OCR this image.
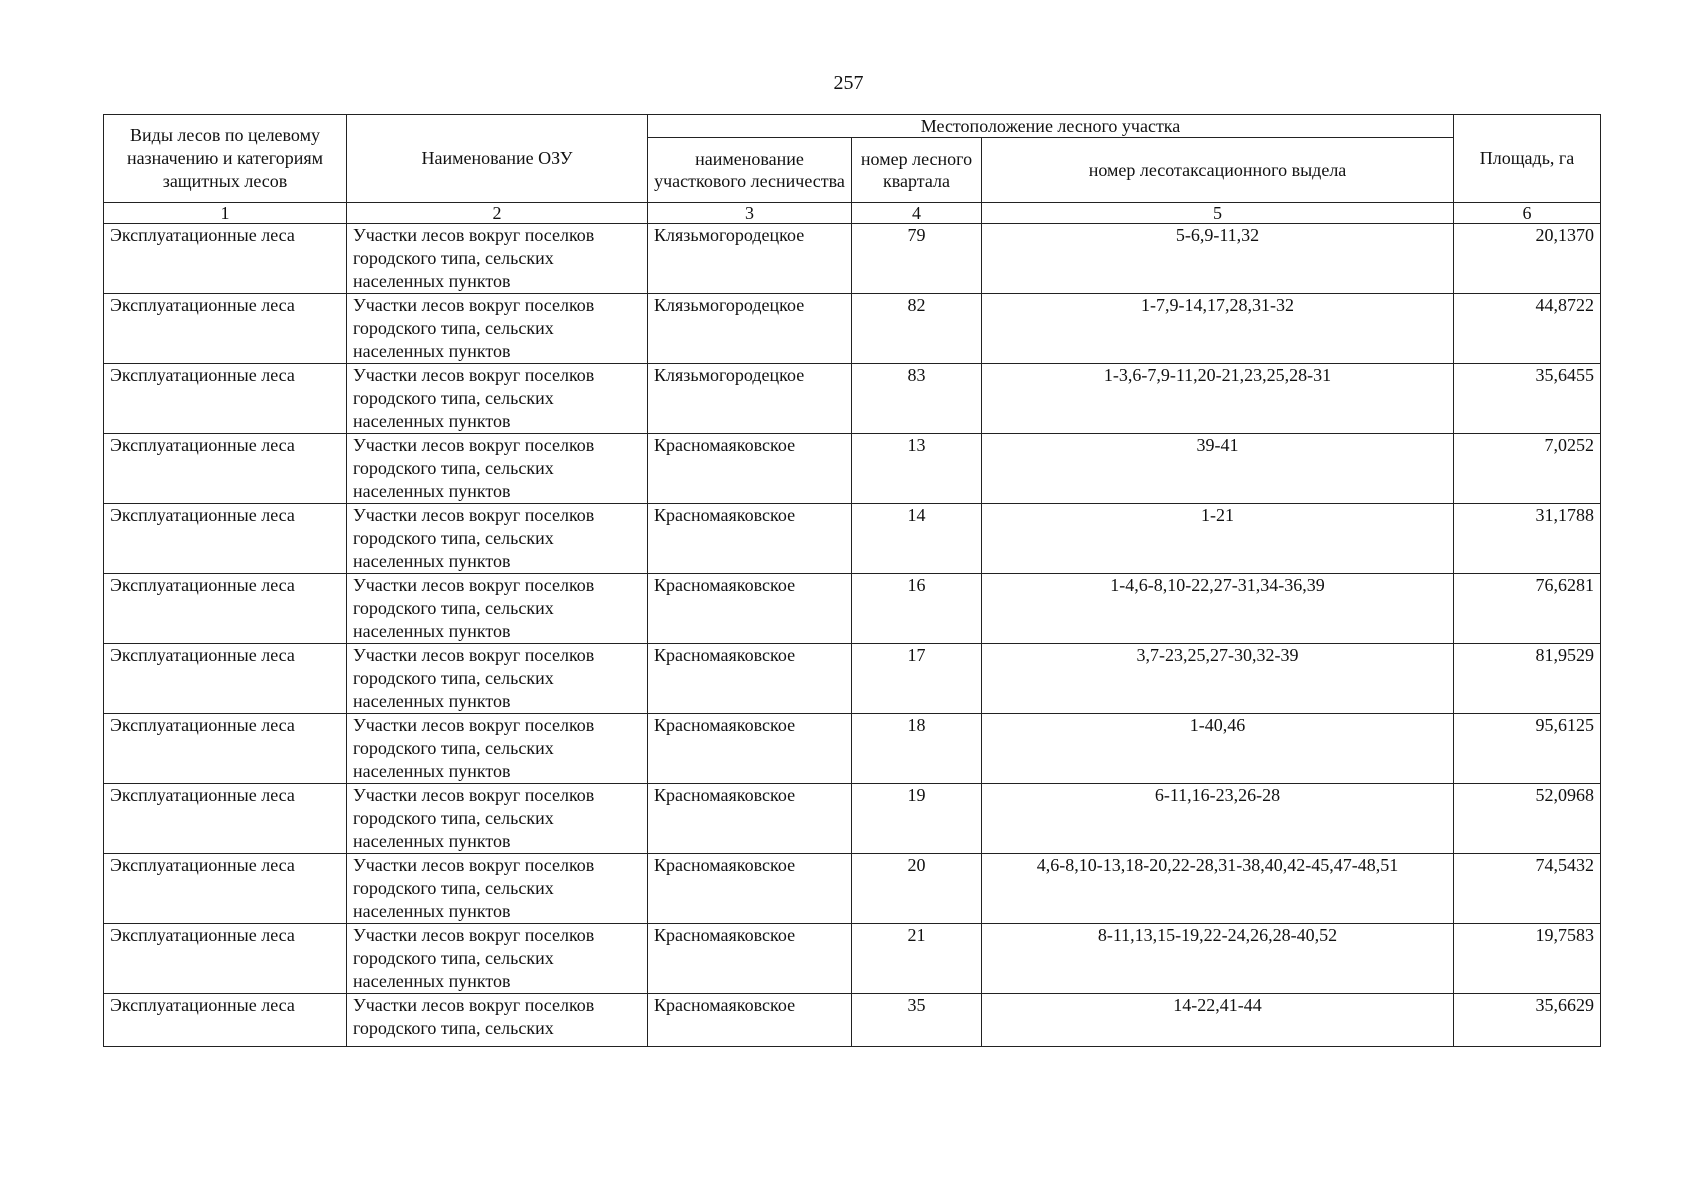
257
Виды лесов по целевому назначению и категориям защитных лесов	Наименование ОЗУ	Местоположение лесного участка			Площадь, га
		наименование участкового лесничества	номер лесного квартала	номер лесотаксационного выдела	
1	2	3	4	5	6
Эксплуатационные леса	Участки лесов вокруг поселков городского типа, сельских населенных пунктов	Клязьмогородецкое	79	5-6,9-11,32	20,1370
Эксплуатационные леса	Участки лесов вокруг поселков городского типа, сельских населенных пунктов	Клязьмогородецкое	82	1-7,9-14,17,28,31-32	44,8722
Эксплуатационные леса	Участки лесов вокруг поселков городского типа, сельских населенных пунктов	Клязьмогородецкое	83	1-3,6-7,9-11,20-21,23,25,28-31	35,6455
Эксплуатационные леса	Участки лесов вокруг поселков городского типа, сельских населенных пунктов	Красномаяковское	13	39-41	7,0252
Эксплуатационные леса	Участки лесов вокруг поселков городского типа, сельских населенных пунктов	Красномаяковское	14	1-21	31,1788
Эксплуатационные леса	Участки лесов вокруг поселков городского типа, сельских населенных пунктов	Красномаяковское	16	1-4,6-8,10-22,27-31,34-36,39	76,6281
Эксплуатационные леса	Участки лесов вокруг поселков городского типа, сельских населенных пунктов	Красномаяковское	17	3,7-23,25,27-30,32-39	81,9529
Эксплуатационные леса	Участки лесов вокруг поселков городского типа, сельских населенных пунктов	Красномаяковское	18	1-40,46	95,6125
Эксплуатационные леса	Участки лесов вокруг поселков городского типа, сельских населенных пунктов	Красномаяковское	19	6-11,16-23,26-28	52,0968
Эксплуатационные леса	Участки лесов вокруг поселков городского типа, сельских населенных пунктов	Красномаяковское	20	4,6-8,10-13,18-20,22-28,31-38,40,42-45,47-48,51	74,5432
Эксплуатационные леса	Участки лесов вокруг поселков городского типа, сельских населенных пунктов	Красномаяковское	21	8-11,13,15-19,22-24,26,28-40,52	19,7583
Эксплуатационные леса	Участки лесов вокруг поселков городского типа, сельских	Красномаяковское	35	14-22,41-44	35,6629
